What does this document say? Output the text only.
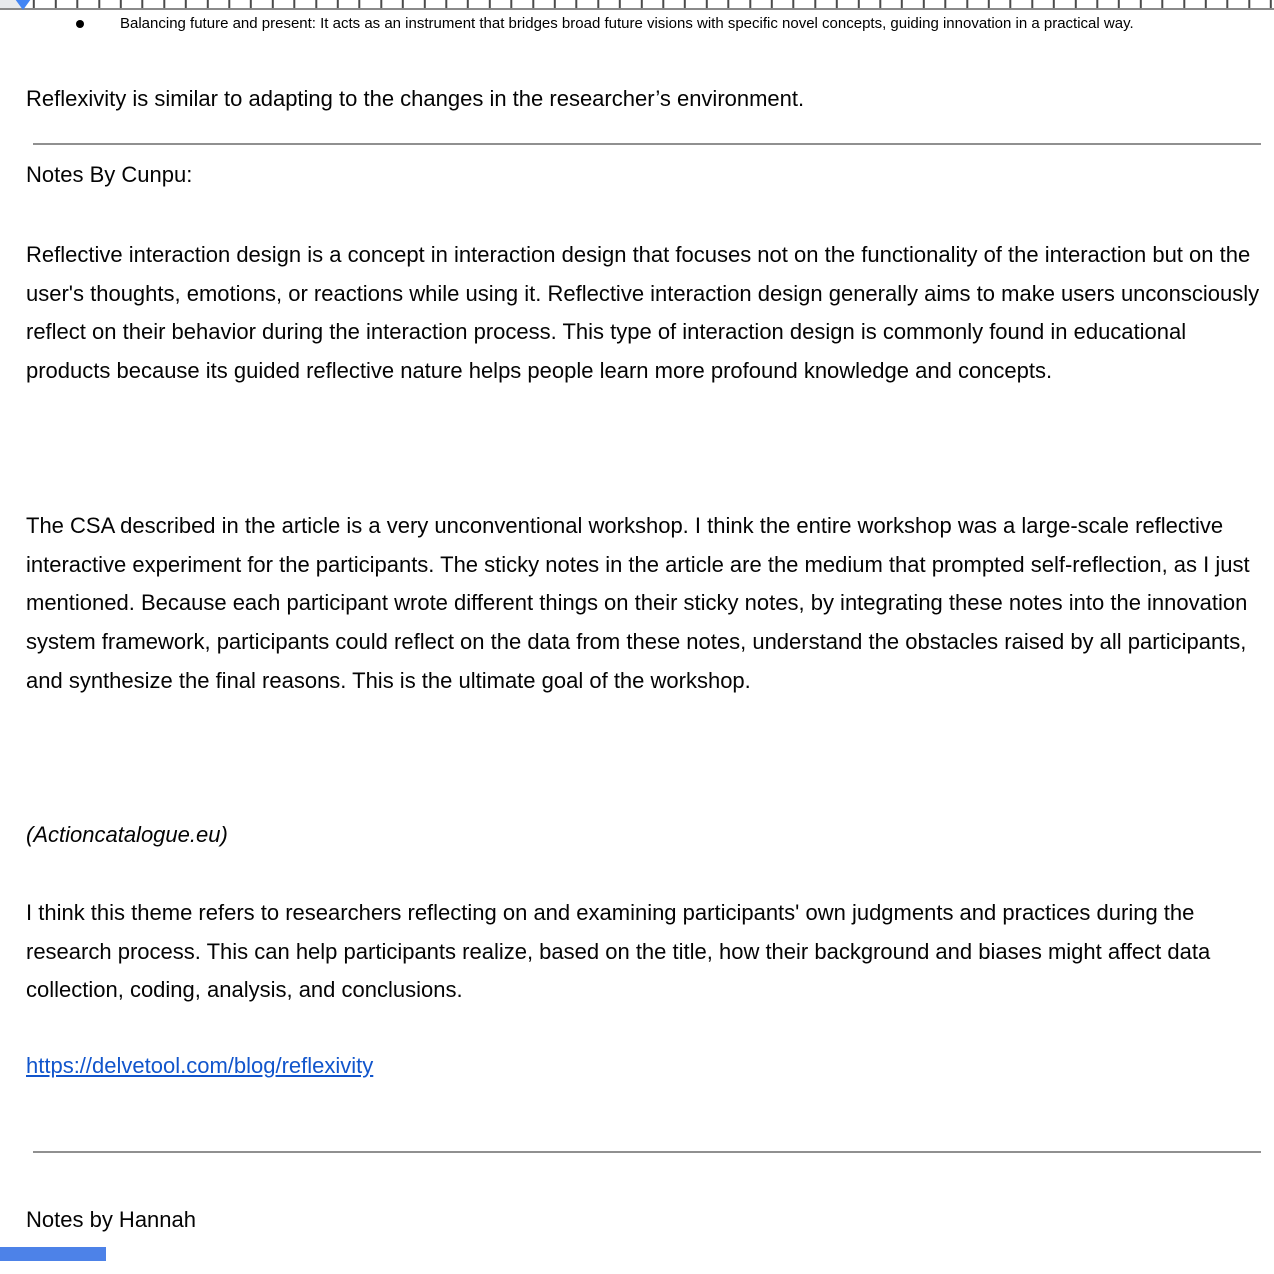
Balancing future and present: It acts as an instrument that bridges broad future visions with specific novel concepts, guiding innovation in a practical way.
Reflexivity is similar to adapting to the changes in the researcher’s environment.
Notes By Cunpu:
Reflective interaction design is a concept in interaction design that focuses not on the functionality of the interaction but on the user's thoughts, emotions, or reactions while using it. Reflective interaction design generally aims to make users unconsciously reflect on their behavior during the interaction process. This type of interaction design is commonly found in educational products because its guided reflective nature helps people learn more profound knowledge and concepts.
The CSA described in the article is a very unconventional workshop. I think the entire workshop was a large-scale reflective interactive experiment for the participants. The sticky notes in the article are the medium that prompted self-reflection, as I just mentioned. Because each participant wrote different things on their sticky notes, by integrating these notes into the innovation system framework, participants could reflect on the data from these notes, understand the obstacles raised by all participants, and synthesize the final reasons. This is the ultimate goal of the workshop.
(Actioncatalogue.eu)
I think this theme refers to researchers reflecting on and examining participants' own judgments and practices during the research process. This can help participants realize, based on the title, how their background and biases might affect data collection, coding, analysis, and conclusions.
https://delvetool.com/blog/reflexivity
Notes by Hannah
